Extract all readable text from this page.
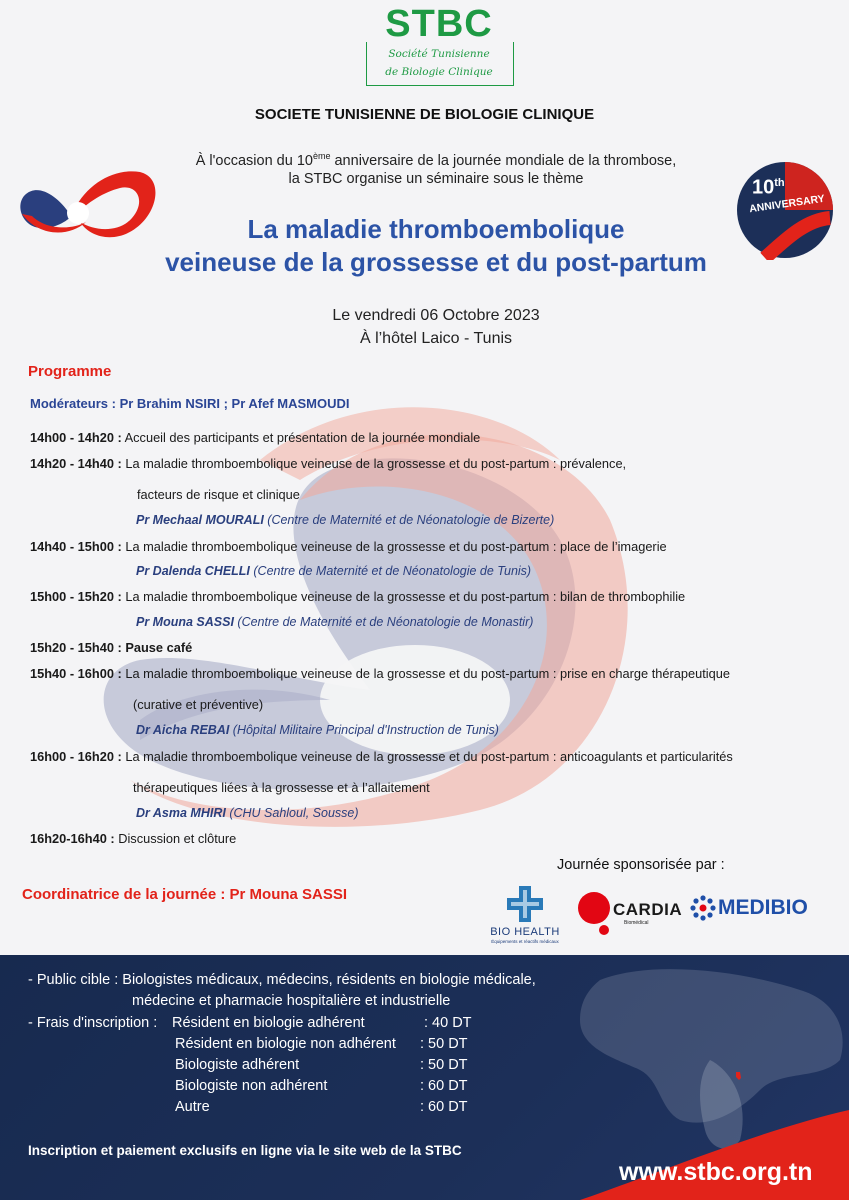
STBC
Société Tunisienne
de Biologie Clinique
SOCIETE TUNISIENNE DE BIOLOGIE CLINIQUE
10th
ANNIVERSARY
À l'occasion du 10ème anniversaire de la journée mondiale de la thrombose,
la STBC organise un séminaire sous le thème
La maladie thromboembolique
veineuse de la grossesse et du post-partum
Le vendredi 06 Octobre 2023
À l’hôtel Laico - Tunis
Programme
Modérateurs : Pr Brahim NSIRI ; Pr Afef MASMOUDI
14h00 - 14h20 : Accueil des participants et présentation de la journée mondiale
14h20 - 14h40 : La maladie thromboembolique veineuse de la grossesse et du post-partum : prévalence,
facteurs de risque et clinique
Pr Mechaal MOURALI (Centre de Maternité et de Néonatologie de Bizerte)
14h40 - 15h00 : La maladie thromboembolique veineuse de la grossesse et du post-partum : place de l’imagerie
Pr Dalenda CHELLI (Centre de Maternité et de Néonatologie de Tunis)
15h00 - 15h20 : La maladie thromboembolique veineuse de la grossesse et du post-partum : bilan de thrombophilie
Pr Mouna SASSI (Centre de Maternité et de Néonatologie de Monastir)
15h20 - 15h40 : Pause café
15h40 - 16h00 : La maladie thromboembolique veineuse de la grossesse et du post-partum : prise en charge thérapeutique
(curative et préventive)
Dr Aicha REBAI (Hôpital Militaire Principal d'Instruction de Tunis)
16h00 - 16h20 : La maladie thromboembolique veineuse de la grossesse et du post-partum : anticoagulants et particularités
thérapeutiques liées à la grossesse et à l’allaitement
Dr Asma MHIRI (CHU Sahloul, Sousse)
16h20-16h40 : Discussion et clôture
Coordinatrice de la journée : Pr Mouna SASSI
Journée sponsorisée par :
BIO HEALTH
Équipements et réactifs médicaux
CARDIA
Biomédical
MEDIBIO
- Public cible : Biologistes médicaux, médecins, résidents en biologie médicale,
médecine et pharmacie hospitalière et industrielle
- Frais d'inscription : Résident en biologie adhérent	: 40 DT
Résident en biologie non adhérent : 50 DT
Biologiste adhérent	: 50 DT
Biologiste non adhérent	: 60 DT
Autre	: 60 DT
Inscription et paiement exclusifs en ligne via le site web de la STBC
www.stbc.org.tn
